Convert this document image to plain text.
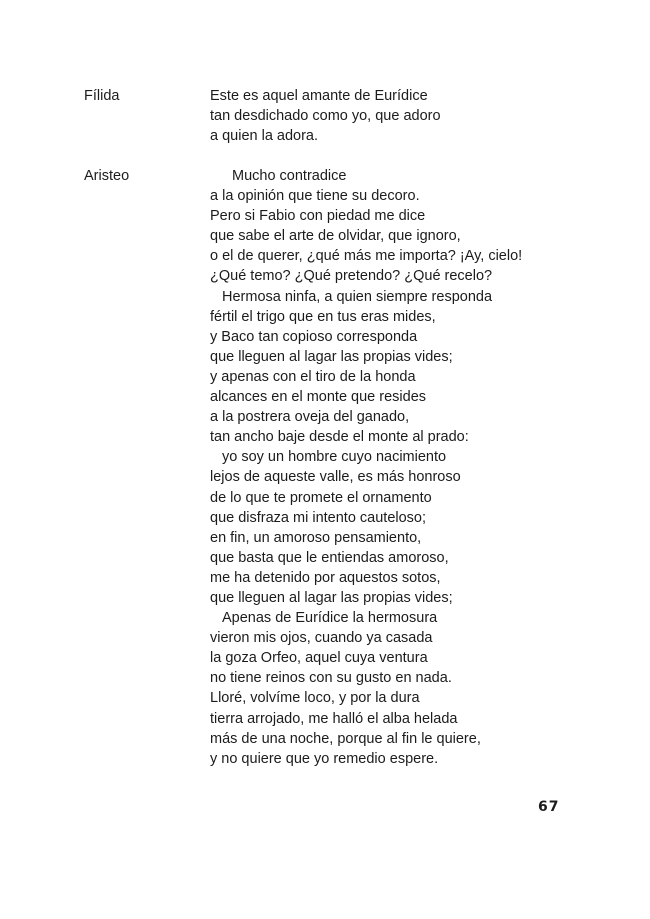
Fílida	Este es aquel amante de Eurídice
tan desdichado como yo, que adoro
a quien la adora.
Aristeo	Mucho contradice
a la opinión que tiene su decoro.
Pero si Fabio con piedad me dice
que sabe el arte de olvidar, que ignoro,
o el de querer, ¿qué más me importa? ¡Ay, cielo!
¿Qué temo? ¿Qué pretendo? ¿Qué recelo?
Hermosa ninfa, a quien siempre responda
fértil el trigo que en tus eras mides,
y Baco tan copioso corresponda
que lleguen al lagar las propias vides;
y apenas con el tiro de la honda
alcances en el monte que resides
a la postrera oveja del ganado,
tan ancho baje desde el monte al prado:
yo soy un hombre cuyo nacimiento
lejos de aqueste valle, es más honroso
de lo que te promete el ornamento
que disfraza mi intento cauteloso;
en fin, un amoroso pensamiento,
que basta que le entiendas amoroso,
me ha detenido por aquestos sotos,
que lleguen al lagar las propias vides;
Apenas de Eurídice la hermosura
vieron mis ojos, cuando ya casada
la goza Orfeo, aquel cuya ventura
no tiene reinos con su gusto en nada.
Lloré, volvíme loco, y por la dura
tierra arrojado, me halló el alba helada
más de una noche, porque al fin le quiere,
y no quiere que yo remedio espere.
67
